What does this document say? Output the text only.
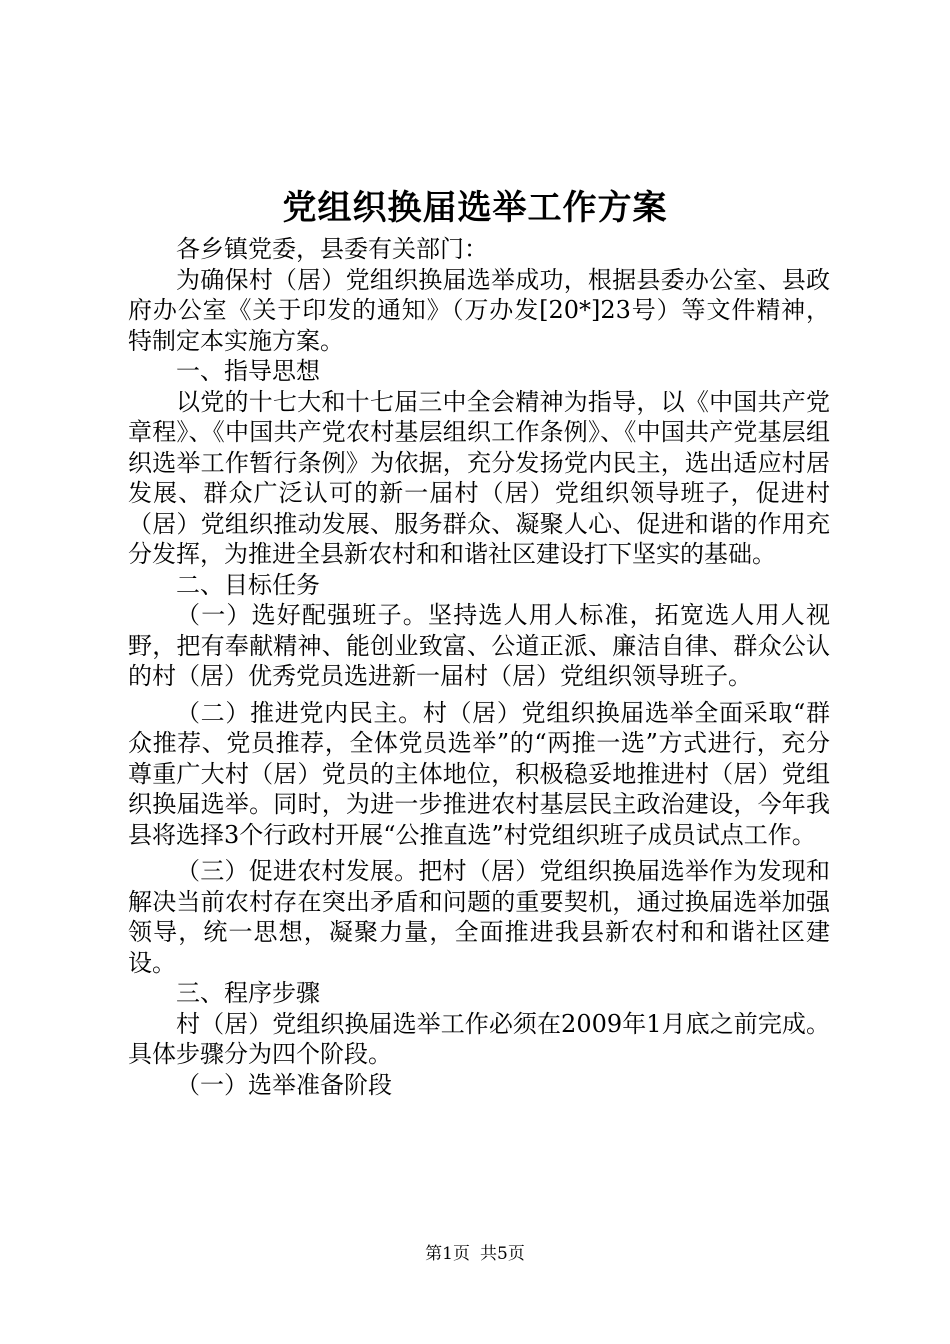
党组织换届选举工作方案

各乡镇党委，县委有关部门：

为确保村（居）党组织换届选举成功，根据县委办公室、县政府办公室《关于印发的通知》（万办发[20*]23号）等文件精神，特制定本实施方案。

一、指导思想

以党的十七大和十七届三中全会精神为指导，以《中国共产党章程》、《中国共产党农村基层组织工作条例》、《中国共产党基层组织选举工作暂行条例》为依据，充分发扬党内民主，选出适应村居发展、群众广泛认可的新一届村（居）党组织领导班子，促进村（居）党组织推动发展、服务群众、凝聚人心、促进和谐的作用充分发挥，为推进全县新农村和和谐社区建设打下坚实的基础。

二、目标任务

（一）选好配强班子。坚持选人用人标准，拓宽选人用人视野，把有奉献精神、能创业致富、公道正派、廉洁自律、群众公认的村（居）优秀党员选进新一届村（居）党组织领导班子。

（二）推进党内民主。村（居）党组织换届选举全面采取“群众推荐、党员推荐，全体党员选举”的“两推一选”方式进行，充分尊重广大村（居）党员的主体地位，积极稳妥地推进村（居）党组织换届选举。同时，为进一步推进农村基层民主政治建设，今年我县将选择3个行政村开展“公推直选”村党组织班子成员试点工作。

（三）促进农村发展。把村（居）党组织换届选举作为发现和解决当前农村存在突出矛盾和问题的重要契机，通过换届选举加强领导，统一思想，凝聚力量，全面推进我县新农村和和谐社区建设。

三、程序步骤

村（居）党组织换届选举工作必须在2009年1月底之前完成。具体步骤分为四个阶段。

（一）选举准备阶段

第1页 共5页
